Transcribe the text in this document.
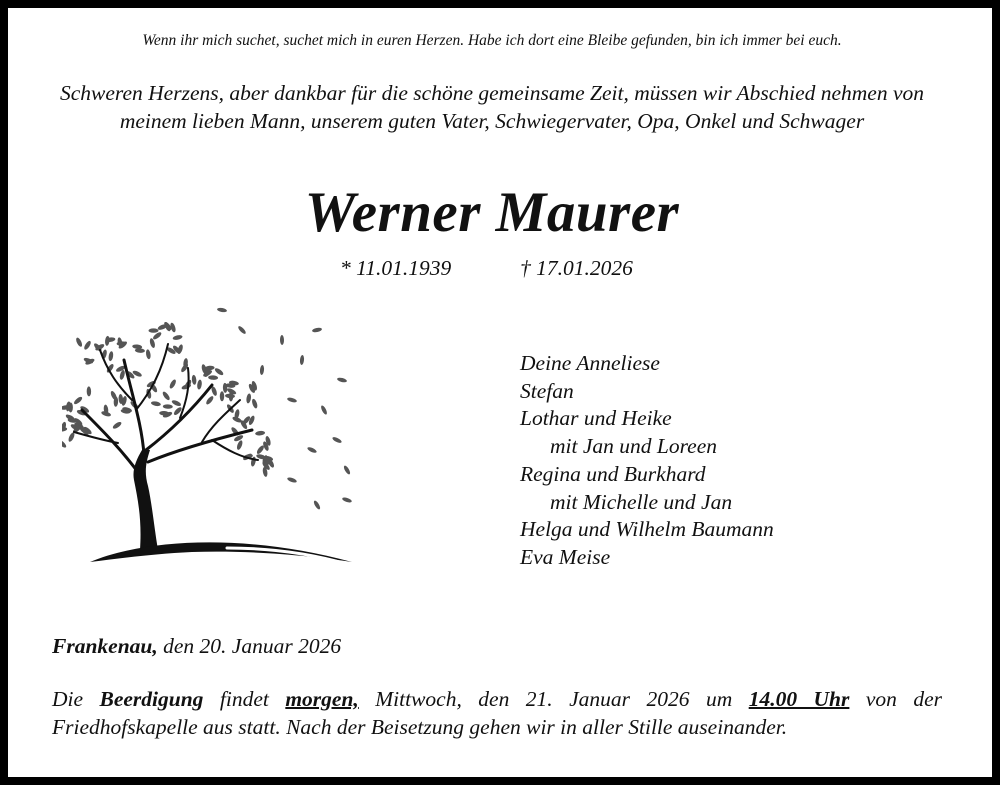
Wenn ihr mich suchet, suchet mich in euren Herzen. Habe ich dort eine Bleibe gefunden, bin ich immer bei euch.
Schweren Herzens, aber dankbar für die schöne gemeinsame Zeit, müssen wir Abschied nehmen von meinem lieben Mann, unserem guten Vater, Schwiegervater, Opa, Onkel und Schwager
Werner Maurer
* 11.01.1939	† 17.01.2026
Deine Anneliese
Stefan
Lothar und Heike
mit Jan und Loreen
Regina und Burkhard
mit Michelle und Jan
Helga und Wilhelm Baumann
Eva Meise
Frankenau, den 20. Januar 2026
Die Beerdigung findet morgen, Mittwoch, den 21. Januar 2026 um 14.00 Uhr von der Friedhofskapelle aus statt. Nach der Beisetzung gehen wir in aller Stille auseinander.
